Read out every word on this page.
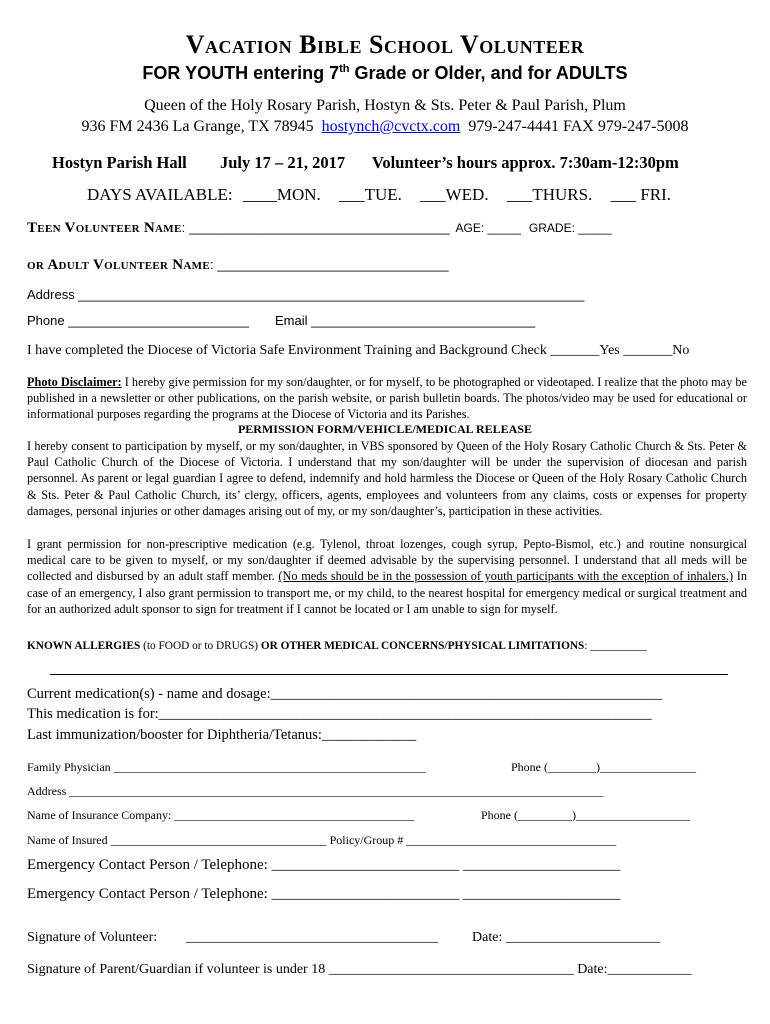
Vacation Bible School Volunteer
FOR YOUTH entering 7th Grade or Older, and for ADULTS
Queen of the Holy Rosary Parish, Hostyn & Sts. Peter & Paul Parish, Plum
936 FM 2436 La Grange, TX 78945 hostynch@cvctx.com 979-247-4441 FAX 979-247-5008
Hostyn Parish Hall July 17 – 21, 2017 Volunteer’s hours approx. 7:30am-12:30pm
DAYS AVAILABLE: ____MON. ___TUE. ___WED. ___THURS. ___ FRI.
Teen Volunteer Name: ____________________________________ AGE: _____ GRADE: _____
or Adult Volunteer Name: ________________________________
Address ______________________________________________________________________
Phone _________________________ Email _______________________________
I have completed the Diocese of Victoria Safe Environment Training and Background Check _______Yes _______No
Photo Disclaimer: I hereby give permission for my son/daughter, or for myself, to be photographed or videotaped. I realize that the photo may be published in a newsletter or other publications, on the parish website, or parish bulletin boards. The photos/video may be used for educational or informational purposes regarding the programs at the Diocese of Victoria and its Parishes.
PERMISSION FORM/VEHICLE/MEDICAL RELEASE
I hereby consent to participation by myself, or my son/daughter, in VBS sponsored by Queen of the Holy Rosary Catholic Church & Sts. Peter & Paul Catholic Church of the Diocese of Victoria. I understand that my son/daughter will be under the supervision of diocesan and parish personnel. As parent or legal guardian I agree to defend, indemnify and hold harmless the Diocese or Queen of the Holy Rosary Catholic Church & Sts. Peter & Paul Catholic Church, its’ clergy, officers, agents, employees and volunteers from any claims, costs or expenses for property damages, personal injuries or other damages arising out of my, or my son/daughter’s, participation in these activities.
I grant permission for non-prescriptive medication (e.g. Tylenol, throat lozenges, cough syrup, Pepto-Bismol, etc.) and routine nonsurgical medical care to be given to myself, or my son/daughter if deemed advisable by the supervising personnel. I understand that all meds will be collected and disbursed by an adult staff member. (No meds should be in the possession of youth participants with the exception of inhalers.) In case of an emergency, I also grant permission to transport me, or my child, to the nearest hospital for emergency medical or surgical treatment and for an authorized adult sponsor to sign for treatment if I cannot be located or I am unable to sign for myself.
KNOWN ALLERGIES (to FOOD or to DRUGS) OR OTHER MEDICAL CONCERNS/PHYSICAL LIMITATIONS: __________
Current medication(s) - name and dosage:______________________________________________________
This medication is for:____________________________________________________________________
Last immunization/booster for Diphtheria/Tetanus:_____________
Family Physician ____________________________________________________	Phone (________)________________
Address _________________________________________________________________________________________
Name of Insurance Company: ________________________________________	Phone (_________)___________________
Name of Insured ____________________________________ Policy/Group # ___________________________________
Emergency Contact Person / Telephone: _________________________ _____________________
Emergency Contact Person / Telephone: _________________________ _____________________
Signature of Volunteer: ____________________________________ Date: ______________________
Signature of Parent/Guardian if volunteer is under 18 ___________________________________ Date:____________
